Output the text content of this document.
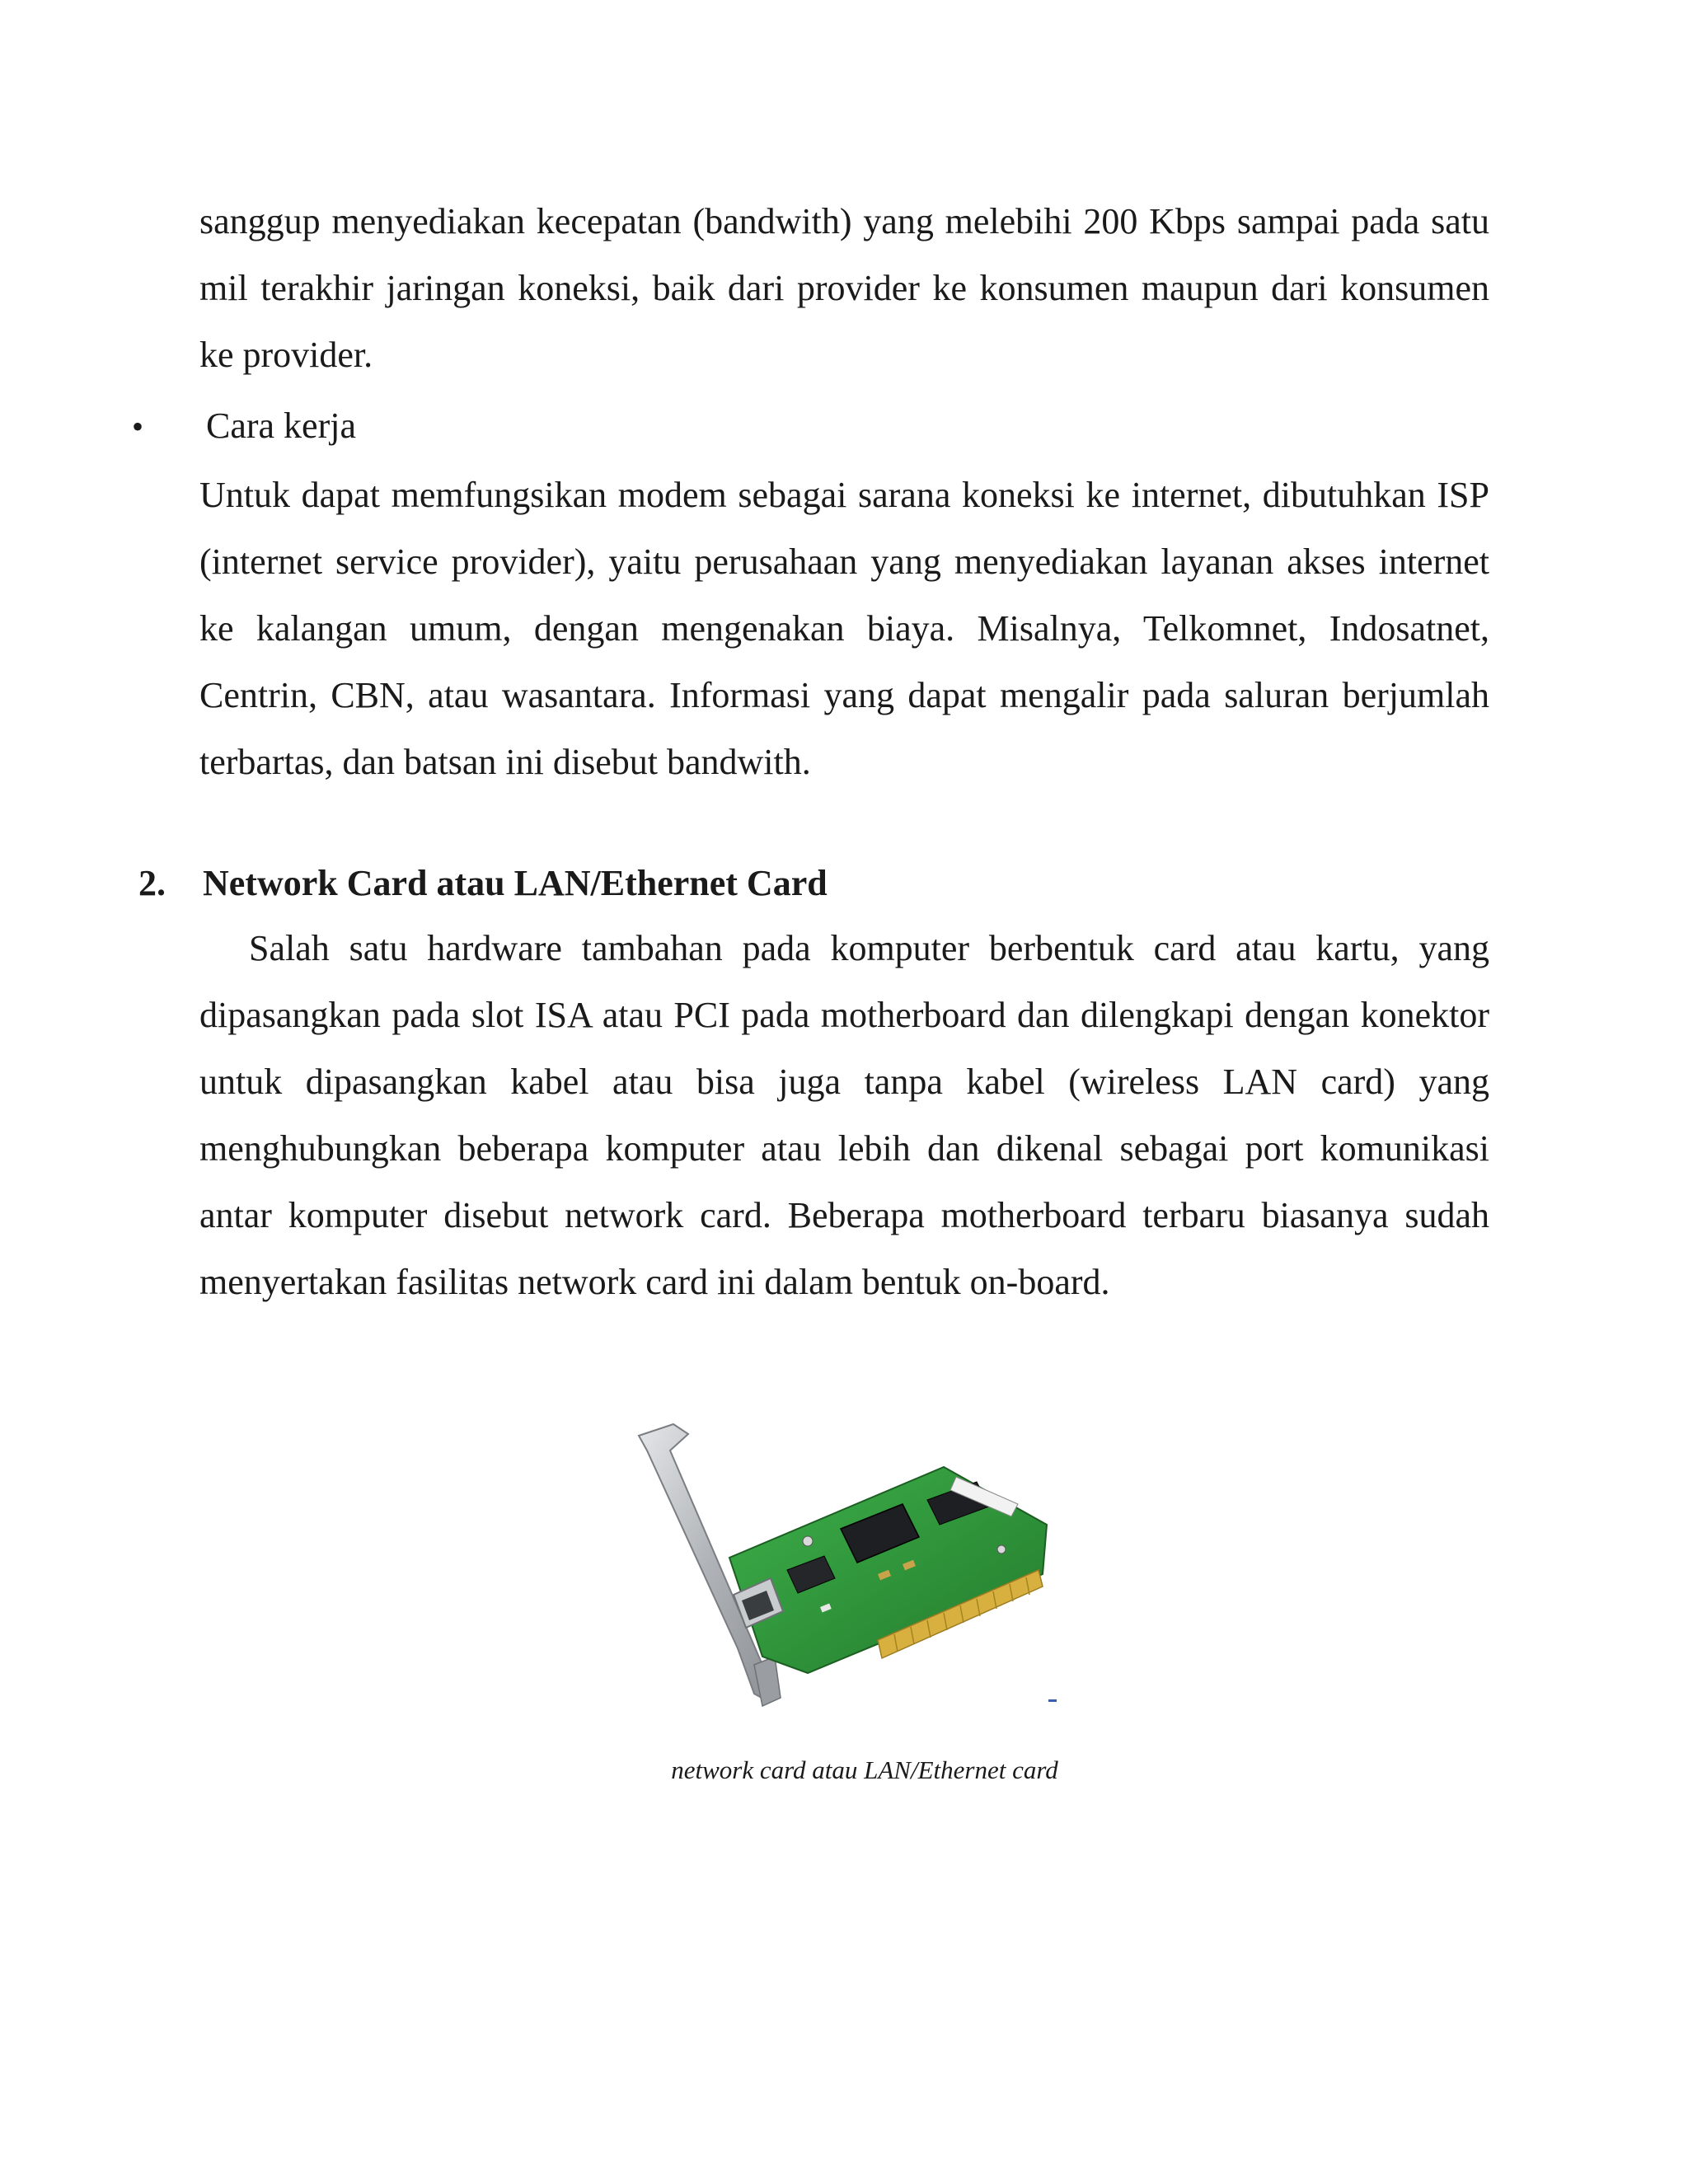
sanggup menyediakan kecepatan (bandwith) yang melebihi 200 Kbps sampai pada satu mil terakhir jaringan koneksi, baik dari provider ke konsumen maupun dari konsumen ke provider.
• Cara kerja
Untuk dapat memfungsikan modem sebagai sarana koneksi ke internet, dibutuhkan ISP (internet service provider), yaitu perusahaan yang menyediakan layanan akses internet ke kalangan umum, dengan mengenakan biaya. Misalnya, Telkomnet, Indosatnet, Centrin, CBN, atau wasantara. Informasi yang dapat mengalir pada saluran berjumlah terbartas, dan batsan ini disebut bandwith.
2. Network Card atau LAN/Ethernet Card
Salah satu hardware tambahan pada komputer berbentuk card atau kartu, yang dipasangkan pada slot ISA atau PCI pada motherboard dan dilengkapi dengan konektor untuk dipasangkan kabel atau bisa juga tanpa kabel (wireless LAN card) yang menghubungkan beberapa komputer atau lebih dan dikenal sebagai port komunikasi antar komputer disebut network card. Beberapa motherboard terbaru biasanya sudah menyertakan fasilitas network card ini dalam bentuk on-board.
network card atau LAN/Ethernet card
